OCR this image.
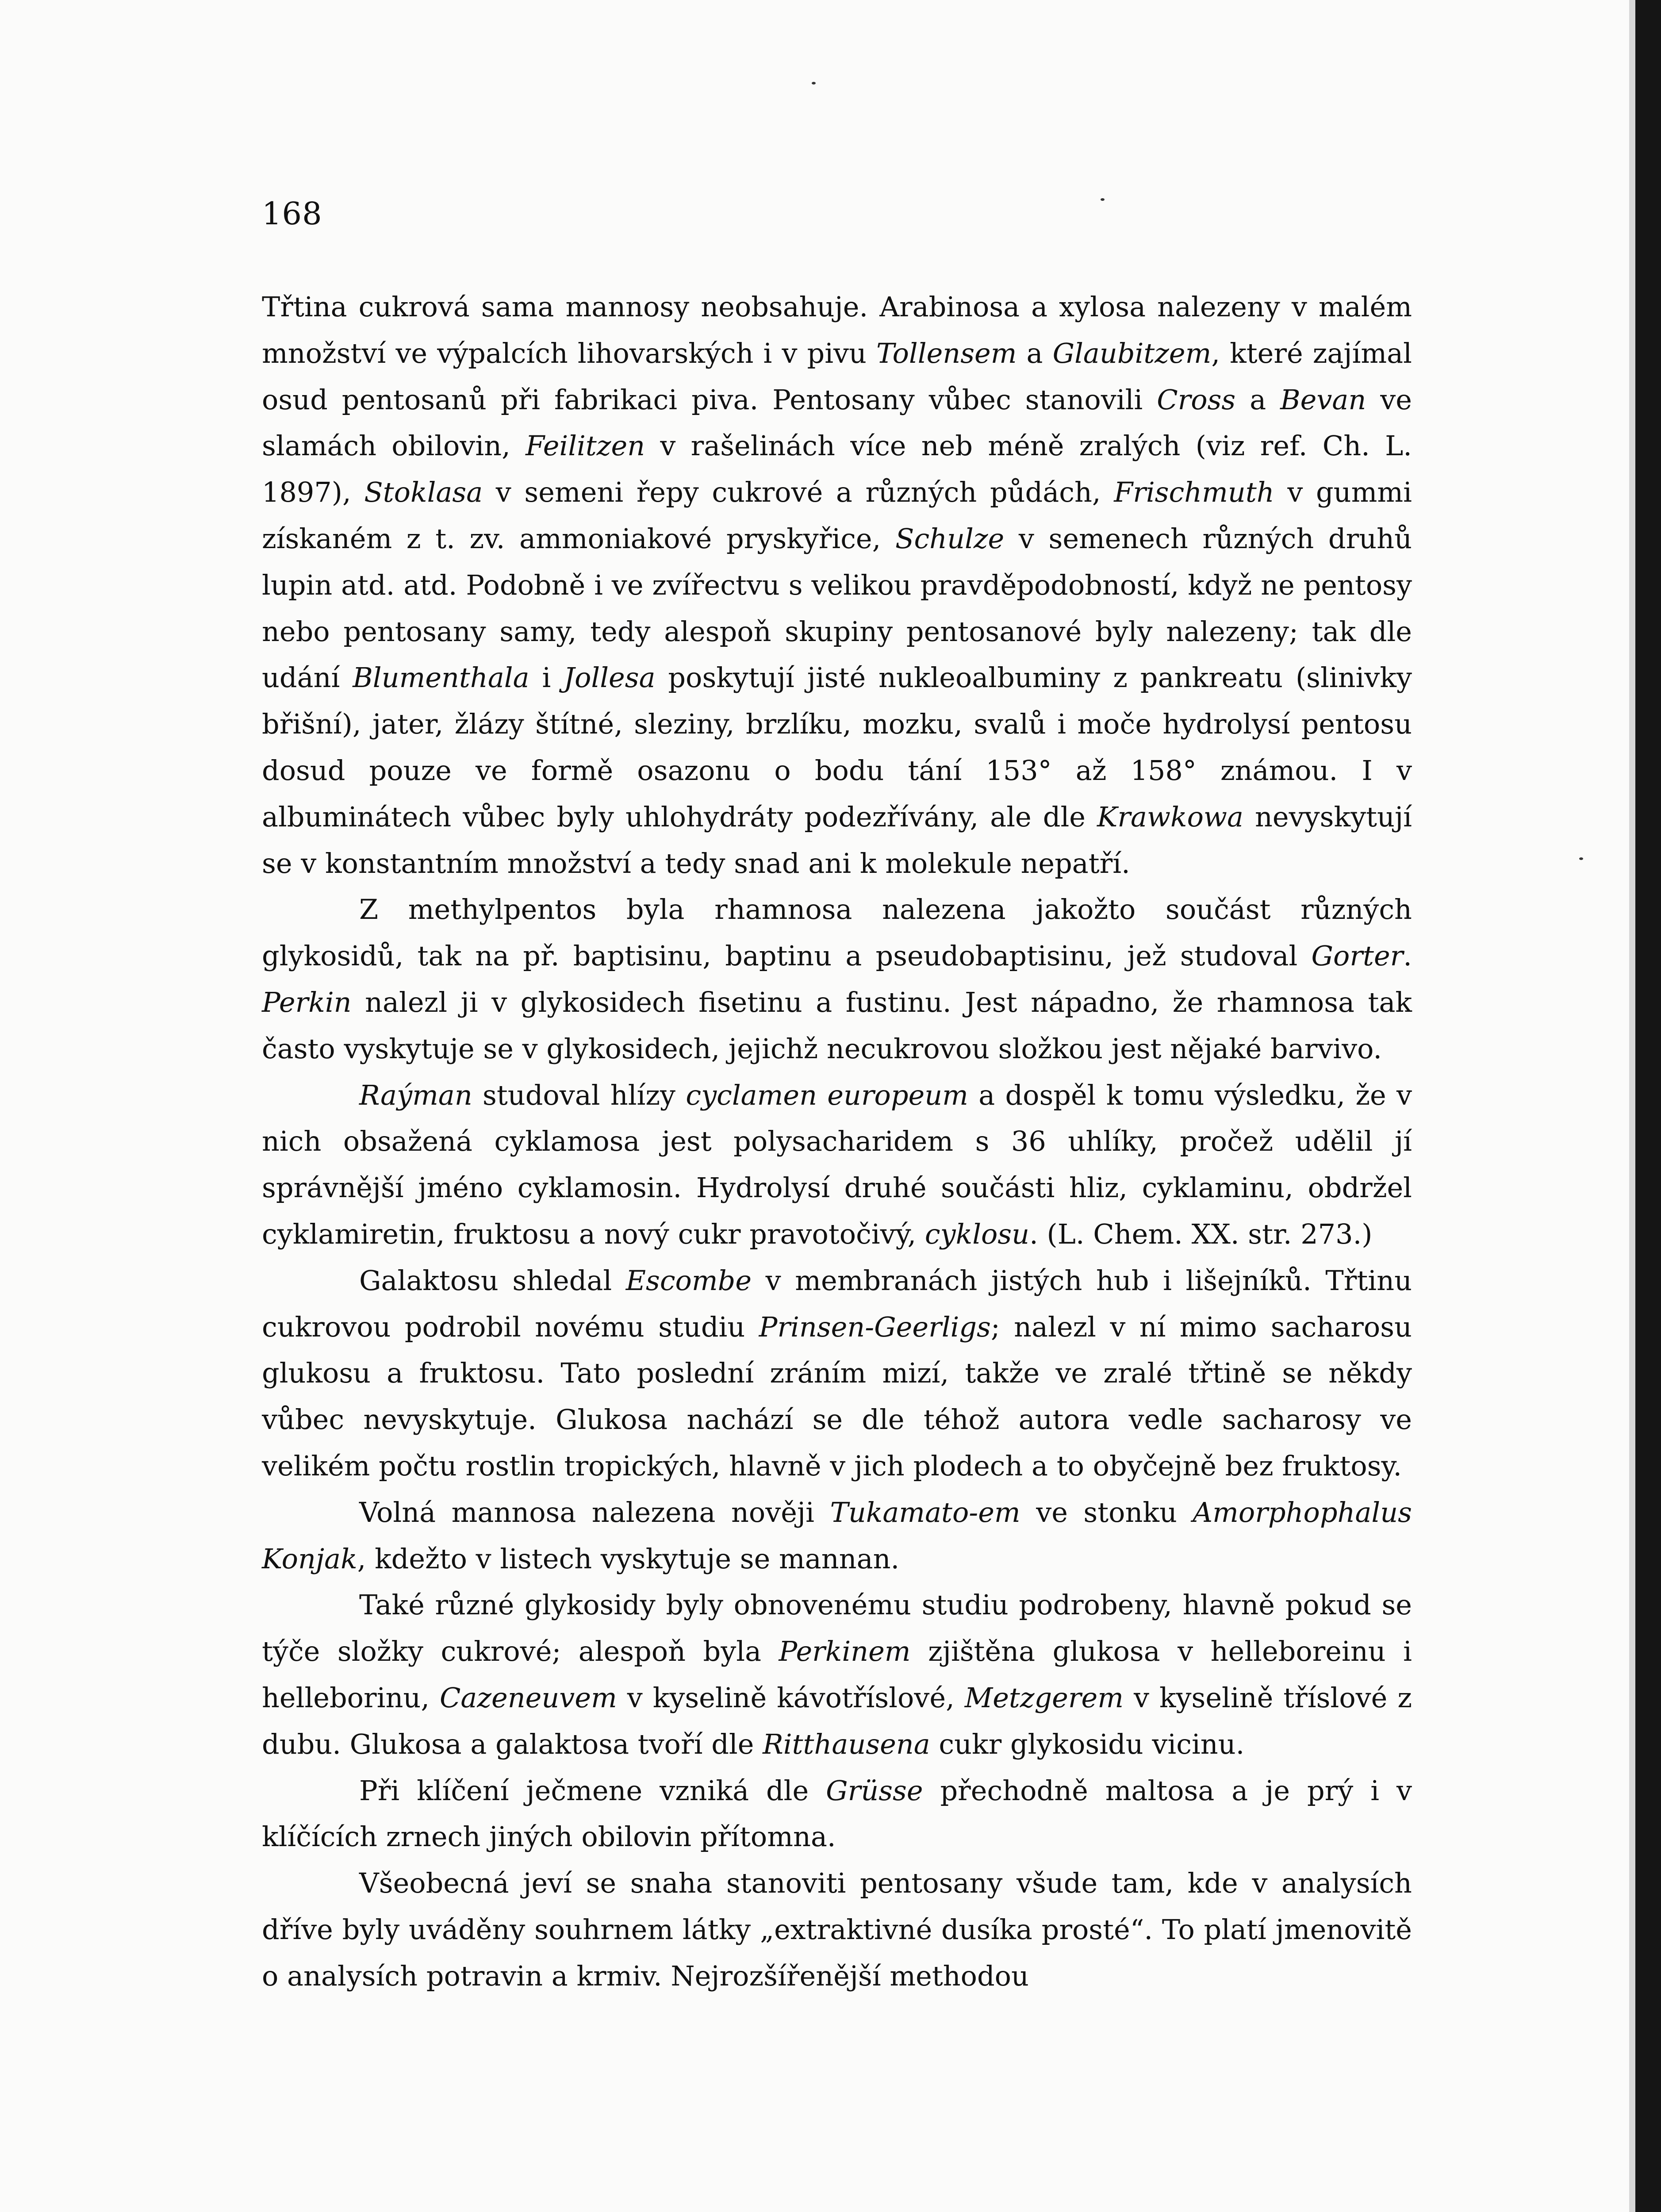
168

Třtina cukrová sama mannosy neobsahuje. Arabinosa a xylosa nalezeny v malém množství ve výpalcích lihovarských i v pivu Tollensem a Glaubitzem, které zajímal osud pentosanů při fabrikaci piva. Pentosany vůbec stanovili Cross a Bevan ve slamách obilovin, Feilitzen v rašelinách více neb méně zralých (viz ref. Ch. L. 1897), Stoklasa v semeni řepy cukrové a různých půdách, Frischmuth v gummi získaném z t. zv. ammoniakové pryskyřice, Schulze v semenech různých druhů lupin atd. atd. Podobně i ve zvířectvu s velikou pravděpodobností, když ne pentosy nebo pentosany samy, tedy alespoň skupiny pentosanové byly nalezeny; tak dle udání Blumenthala i Jollesa poskytují jisté nukleoalbuminy z pankreatu (slinivky břišní), jater, žlázy štítné, sleziny, brzlíku, mozku, svalů i moče hydrolysí pentosu dosud pouze ve formě osazonu o bodu tání 153° až 158° známou. I v albuminátech vůbec byly uhlohydráty podezřívány, ale dle Krawkowa nevyskytují se v konstantním množství a tedy snad ani k molekule nepatří.

Z methylpentos byla rhamnosa nalezena jakožto součást různých glykosidů, tak na př. baptisinu, baptinu a pseudobaptisinu, jež studoval Gorter. Perkin nalezl ji v glykosidech fisetinu a fustinu. Jest nápadno, že rhamnosa tak často vyskytuje se v glykosidech, jejichž necukrovou složkou jest nějaké barvivo.

Raýman studoval hlízy cyclamen europeum a dospěl k tomu výsledku, že v nich obsažená cyklamosa jest polysacharidem s 36 uhlíky, pročež udělil jí správnější jméno cyklamosin. Hydrolysí druhé součásti hliz, cyklaminu, obdržel cyklamiretin, fruktosu a nový cukr pravotočivý, cyklosu. (L. Chem. XX. str. 273.)

Galaktosu shledal Escombe v membranách jistých hub i lišejníků. Třtinu cukrovou podrobil novému studiu Prinsen-Geerligs; nalezl v ní mimo sacharosu glukosu a fruktosu. Tato poslední zráním mizí, takže ve zralé třtině se někdy vůbec nevyskytuje. Glukosa nachází se dle téhož autora vedle sacharosy ve velikém počtu rostlin tropických, hlavně v jich plodech a to obyčejně bez fruktosy.

Volná mannosa nalezena nověji Tukamato-em ve stonku Amorphophalus Konjak, kdežto v listech vyskytuje se mannan.

Také různé glykosidy byly obnovenému studiu podrobeny, hlavně pokud se týče složky cukrové; alespoň byla Perkinem zjištěna glukosa v helleboreinu i helleborinu, Cazeneuvem v kyselině kávotříslové, Metzgerem v kyselině tříslové z dubu. Glukosa a galaktosa tvoří dle Ritthausena cukr glykosidu vicinu.

Při klíčení ječmene vzniká dle Grüsse přechodně maltosa a je prý i v klíčících zrnech jiných obilovin přítomna.

Všeobecná jeví se snaha stanoviti pentosany všude tam, kde v analysích dříve byly uváděny souhrnem látky „extraktivné dusíka prosté“. To platí jmenovitě o analysích potravin a krmiv. Nejrozšířenější methodou
